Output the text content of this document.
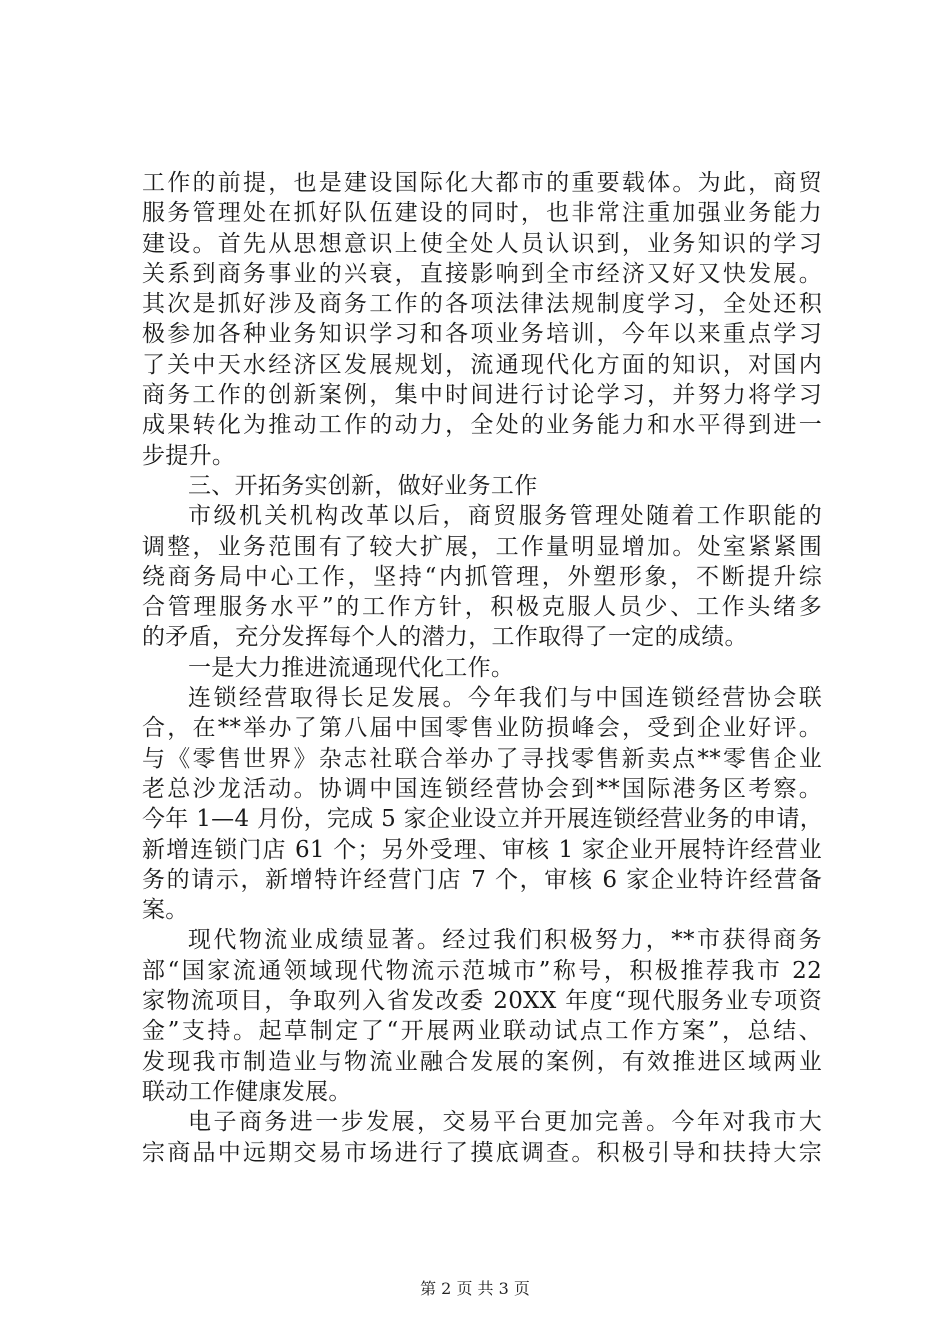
工作的前提，也是建设国际化大都市的重要载体。为此，商贸
服务管理处在抓好队伍建设的同时，也非常注重加强业务能力
建设。首先从思想意识上使全处人员认识到，业务知识的学习
关系到商务事业的兴衰，直接影响到全市经济又好又快发展。
其次是抓好涉及商务工作的各项法律法规制度学习，全处还积
极参加各种业务知识学习和各项业务培训，今年以来重点学习
了关中天水经济区发展规划，流通现代化方面的知识，对国内
商务工作的创新案例，集中时间进行讨论学习，并努力将学习
成果转化为推动工作的动力，全处的业务能力和水平得到进一
步提升。
三、开拓务实创新，做好业务工作
市级机关机构改革以后，商贸服务管理处随着工作职能的
调整，业务范围有了较大扩展，工作量明显增加。处室紧紧围
绕商务局中心工作，坚持“内抓管理，外塑形象，不断提升综
合管理服务水平”的工作方针，积极克服人员少、工作头绪多
的矛盾，充分发挥每个人的潜力，工作取得了一定的成绩。
一是大力推进流通现代化工作。
连锁经营取得长足发展。今年我们与中国连锁经营协会联
合，在**举办了第八届中国零售业防损峰会，受到企业好评。
与《零售世界》杂志社联合举办了寻找零售新卖点**零售企业
老总沙龙活动。协调中国连锁经营协会到**国际港务区考察。
今年 1—4 月份，完成 5 家企业设立并开展连锁经营业务的申请，
新增连锁门店 61 个；另外受理、审核 1 家企业开展特许经营业
务的请示，新增特许经营门店 7 个，审核 6 家企业特许经营备
案。
现代物流业成绩显著。经过我们积极努力，**市获得商务
部“国家流通领域现代物流示范城市”称号，积极推荐我市 22
家物流项目，争取列入省发改委 20XX 年度“现代服务业专项资
金”支持。起草制定了“开展两业联动试点工作方案”，总结、
发现我市制造业与物流业融合发展的案例，有效推进区域两业
联动工作健康发展。
电子商务进一步发展，交易平台更加完善。今年对我市大
宗商品中远期交易市场进行了摸底调查。积极引导和扶持大宗
第 2 页 共 3 页
